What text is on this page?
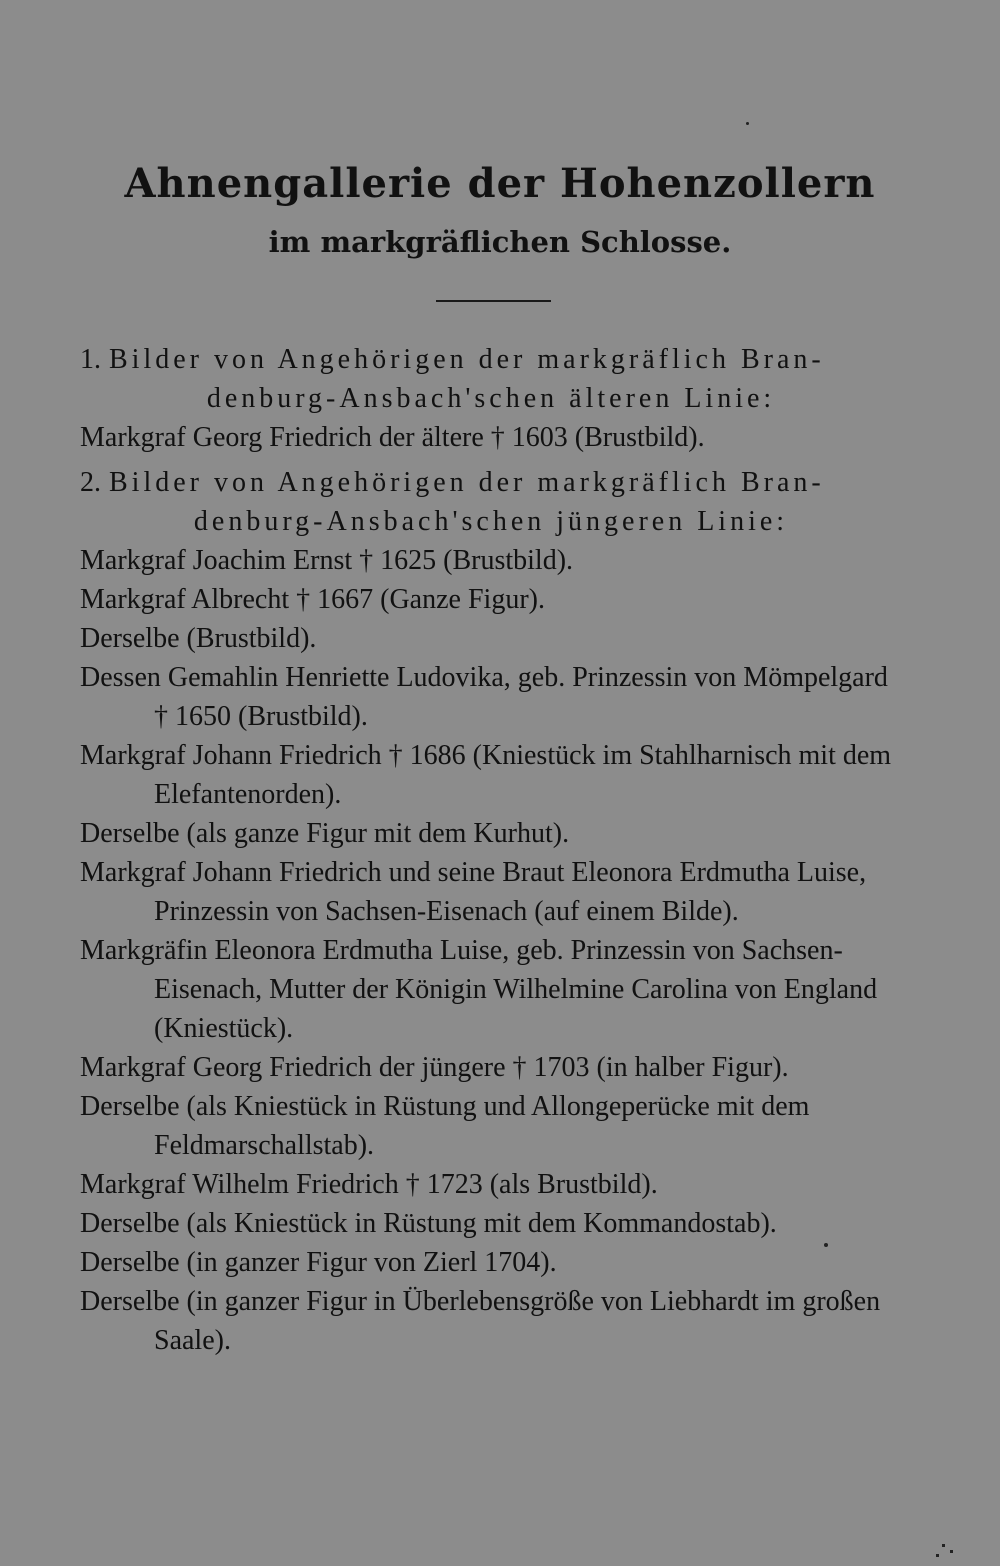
Ahnengallerie der Hohenzollern
im markgräflichen Schlosse.
1. Bilder von Angehörigen der markgräflich Bran-
denburg-Ansbach'schen älteren Linie:

Markgraf Georg Friedrich der ältere † 1603 (Brustbild).

2. Bilder von Angehörigen der markgräflich Bran-
denburg-Ansbach'schen jüngeren Linie:

Markgraf Joachim Ernst † 1625 (Brustbild).

Markgraf Albrecht † 1667 (Ganze Figur).

Derselbe (Brustbild).

Dessen Gemahlin Henriette Ludovika, geb. Prinzessin von Mömpelgard † 1650 (Brustbild).

Markgraf Johann Friedrich † 1686 (Kniestück im Stahlharnisch mit dem Elefantenorden).

Derselbe (als ganze Figur mit dem Kurhut).

Markgraf Johann Friedrich und seine Braut Eleonora Erdmutha Luise, Prinzessin von Sachsen-Eisenach (auf einem Bilde).

Markgräfin Eleonora Erdmutha Luise, geb. Prinzessin von Sachsen-Eisenach, Mutter der Königin Wilhelmine Carolina von England (Kniestück).

Markgraf Georg Friedrich der jüngere † 1703 (in halber Figur).

Derselbe (als Kniestück in Rüstung und Allongeperücke mit dem Feldmarschallstab).

Markgraf Wilhelm Friedrich † 1723 (als Brustbild).

Derselbe (als Kniestück in Rüstung mit dem Kommandostab).

Derselbe (in ganzer Figur von Zierl 1704).

Derselbe (in ganzer Figur in Überlebensgröße von Liebhardt im großen Saale).
